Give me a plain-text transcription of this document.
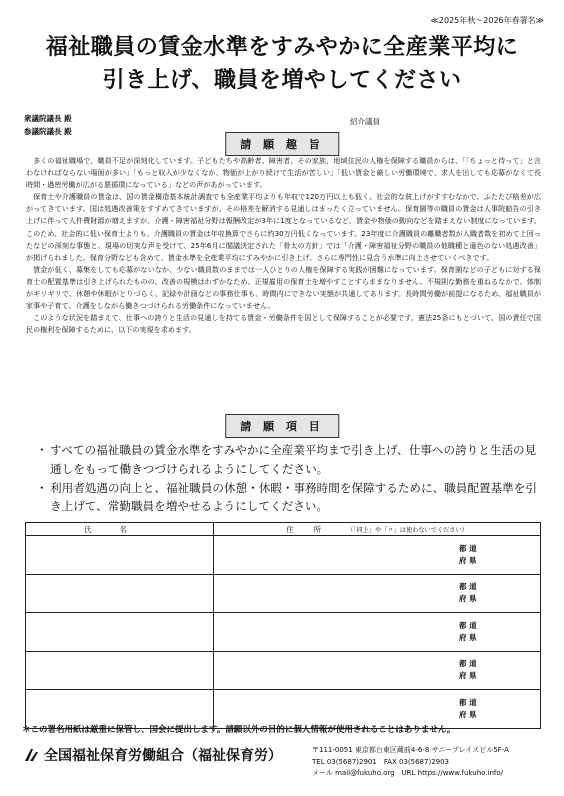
≪2025年秋〜2026年春署名≫
福祉職員の賃金水準をすみやかに全産業平均に
引き上げ、職員を増やしてください
衆議院議長 殿
参議院議長 殿
紹介議員
請 願 趣 旨

多くの福祉職場で、職員不足が深刻化しています。子どもたちや高齢者、障害者、その家族、地域住民の人権を保障する職員からは、「「ちょっと待って」と言わなければならない場面が多い」「もっと収入が少なくなか、物価が上がり続けて生活が苦しい」「低い賃金と厳しい労働環境で、求人を出しても応募がなくて長時間・過密労働が広がる悪循環になっている」などの声があがっています。

保育士や介護職員の賃金は、国の賃金構造基本統計調査でも全産業平均よりも年収で120万円以上も低く、社会的な貧上げがすすむなかで、ふたたび格差が広がってきています。国は処遇改善策をすすめてきていますが、その格差を解消する見通しはまったく立っていません。保育園等の職員の賃金は人事院勧告の引き上げに伴って人件費財源が増えますが、介護・障害福祉分野は報酬改定が3年に1度となっているなど、賃金や物価の動向などを踏まえない制度になっています。このため、社会的に低い保育士よりも、介護職員の賃金は年収換算でさらに約30万円低くなっています。23年度に介護職員の離職者数が入職者数を初めて上回ったなどの深刻な事態と、現場の切実な声を受けて、25年6月に閣議決定された「骨太の方針」では「介護・障害福祉分野の職員の他職種と遜色のない処遇改善」が掲げられました。保育分野なども含めて、賃金水準を全産業平均にすみやかに引き上げ、さらに専門性に見合う水準に向上させていくべきです。

賃金が低く、募集をしても応募がないなか、少ない職員数のままでは一人ひとりの人権を保障する実践が困難になっています。保育園などの子どもに対する保育士の配置基準は引き上げられたものの、改善の規模はわずかなため、正規雇用の保育士を増やすことすらままなりません。不規則な勤務を重ねるなかで、体制がギリギリで、休憩や休暇がとりづらく、記録や計画などの事務仕事も、時間内にできない実態が共通してあります。長時間労働が前提になるため、福祉職員が家事や子育て、介護をしながら働きつづけられる労働条件になっていません。

このような状況を踏まえて、仕事への誇りと生活の見通しを持てる賃金・労働条件を国として保障することが必要です。憲法25条にもとづいて、国の責任で国民の権利を保障するために、以下の実現を求めます。

請 願 項 目
・ すべての福祉職員の賃金水準をすみやかに全産業平均まで引き上げ、仕事への誇りと生活の見通しをもって働きつづけられるようにしてください。
・ 利用者処遇の向上と、福祉職員の休憩・休暇・事務時間を保障するために、職員配置基準を引き上げて、常勤職員を増やせるようにしてください。
氏名	住所 （「同上」や「〃」は使わないでください）

	都 道
府 県

	都 道
府 県

	都 道
府 県

	都 道
府 県

	都 道
府 県
＊この署名用紙は厳重に保管し、国会に提出します。請願以外の目的に個人情報が使用されることはありません。
全国福祉保育労働組合（福祉保育労）	〒111-0051 東京都台東区蔵前4-6-8 サニープレイスビル5F-A
TEL 03(5687)2901　FAX 03(5687)2903
メール mail@fukuho.org　URL https://www.fukuho.info/
